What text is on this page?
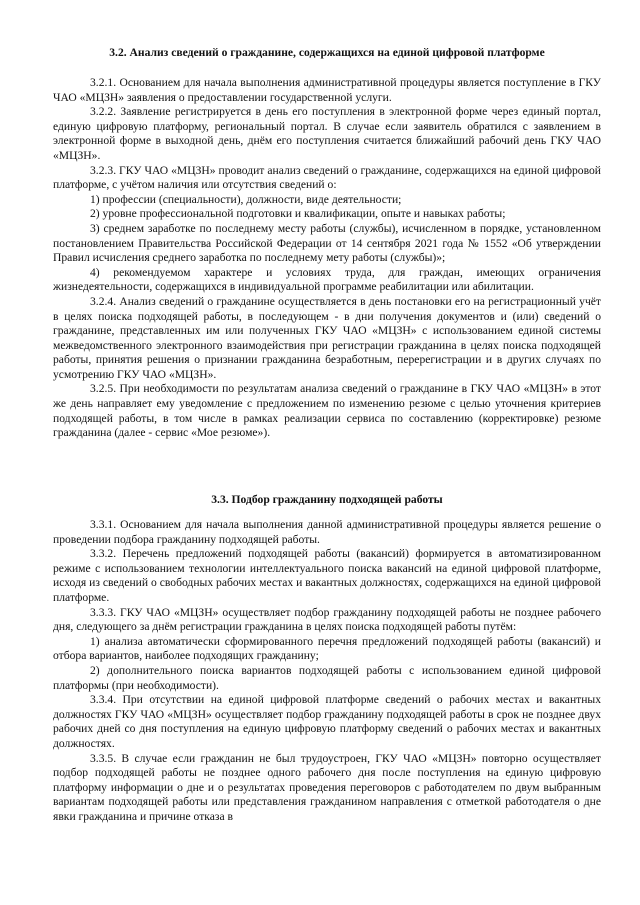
3.2. Анализ сведений о гражданине, содержащихся на единой цифровой платформе

3.2.1. Основанием для начала выполнения административной процедуры является поступление в ГКУ ЧАО «МЦЗН» заявления о предоставлении государственной услуги.

3.2.2. Заявление регистрируется в день его поступления в электронной форме через единый портал, единую цифровую платформу, региональный портал. В случае если заявитель обратился с заявлением в электронной форме в выходной день, днём его поступления считается ближайший рабочий день ГКУ ЧАО «МЦЗН».

3.2.3. ГКУ ЧАО «МЦЗН» проводит анализ сведений о гражданине, содержащихся на единой цифровой платформе, с учётом наличия или отсутствия сведений о:

1) профессии (специальности), должности, виде деятельности;

2) уровне профессиональной подготовки и квалификации, опыте и навыках работы;

3) среднем заработке по последнему месту работы (службы), исчисленном в порядке, установленном постановлением Правительства Российской Федерации от 14 сентября 2021 года № 1552 «Об утверждении Правил исчисления среднего заработка по последнему мету работы (службы)»;

4) рекомендуемом характере и условиях труда, для граждан, имеющих ограничения жизнедеятельности, содержащихся в индивидуальной программе реабилитации или абилитации.

3.2.4. Анализ сведений о гражданине осуществляется в день постановки его на регистрационный учёт в целях поиска подходящей работы, в последующем - в дни получения документов и (или) сведений о гражданине, представленных им или полученных ГКУ ЧАО «МЦЗН» с использованием единой системы межведомственного электронного взаимодействия при регистрации гражданина в целях поиска подходящей работы, принятия решения о признании гражданина безработным, перерегистрации и в других случаях по усмотрению ГКУ ЧАО «МЦЗН».

3.2.5. При необходимости по результатам анализа сведений о гражданине в ГКУ ЧАО «МЦЗН» в этот же день направляет ему уведомление с предложением по изменению резюме с целью уточнения критериев подходящей работы, в том числе в рамках реализации сервиса по составлению (корректировке) резюме гражданина (далее - сервис «Мое резюме»).

3.3. Подбор гражданину подходящей работы

3.3.1. Основанием для начала выполнения данной административной процедуры является решение о проведении подбора гражданину подходящей работы.

3.3.2. Перечень предложений подходящей работы (вакансий) формируется в автоматизированном режиме с использованием технологии интеллектуального поиска вакансий на единой цифровой платформе, исходя из сведений о свободных рабочих местах и вакантных должностях, содержащихся на единой цифровой платформе.

3.3.3. ГКУ ЧАО «МЦЗН» осуществляет подбор гражданину подходящей работы не позднее рабочего дня, следующего за днём регистрации гражданина в целях поиска подходящей работы путём:

1) анализа автоматически сформированного перечня предложений подходящей работы (вакансий) и отбора вариантов, наиболее подходящих гражданину;

2) дополнительного поиска вариантов подходящей работы с использованием единой цифровой платформы (при необходимости).

3.3.4. При отсутствии на единой цифровой платформе сведений о рабочих местах и вакантных должностях ГКУ ЧАО «МЦЗН» осуществляет подбор гражданину подходящей работы в срок не позднее двух рабочих дней со дня поступления на единую цифровую платформу сведений о рабочих местах и вакантных должностях.

3.3.5. В случае если гражданин не был трудоустроен, ГКУ ЧАО «МЦЗН» повторно осуществляет подбор подходящей работы не позднее одного рабочего дня после поступления на единую цифровую платформу информации о дне и о результатах проведения переговоров с работодателем по двум выбранным вариантам подходящей работы или представления гражданином направления с отметкой работодателя о дне явки гражданина и причине отказа в
